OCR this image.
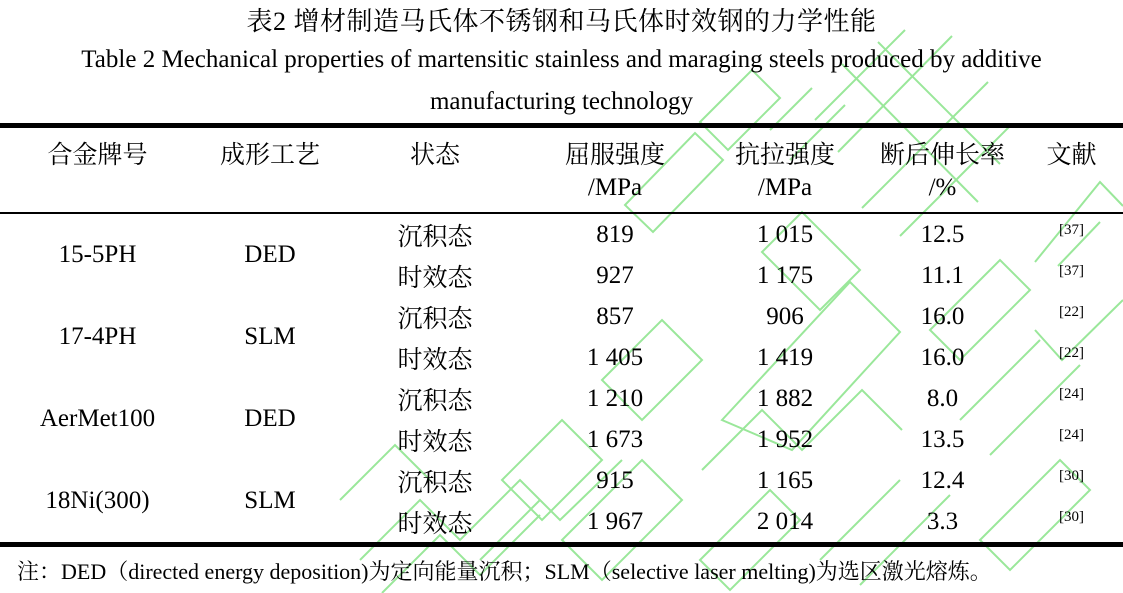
表2 增材制造马氏体不锈钢和马氏体时效钢的力学性能
Table 2 Mechanical properties of martensitic stainless and maraging steels produced by additive
manufacturing technology
合金牌号	成形工艺	状态	屈服强度	抗拉强度	断后伸长率	文献
			/MPa	/MPa	/%	
15-5PH	DED	沉积态	819	1 015	12.5	[37]
		时效态	927	1 175	11.1	[37]
17-4PH	SLM	沉积态	857	906	16.0	[22]
		时效态	1 405	1 419	16.0	[22]
AerMet100	DED	沉积态	1 210	1 882	8.0	[24]
		时效态	1 673	1 952	13.5	[24]
18Ni(300)	SLM	沉积态	915	1 165	12.4	[30]
		时效态	1 967	2 014	3.3	[30]
注：DED（directed energy deposition)为定向能量沉积；SLM（selective laser melting)为选区激光熔炼。
